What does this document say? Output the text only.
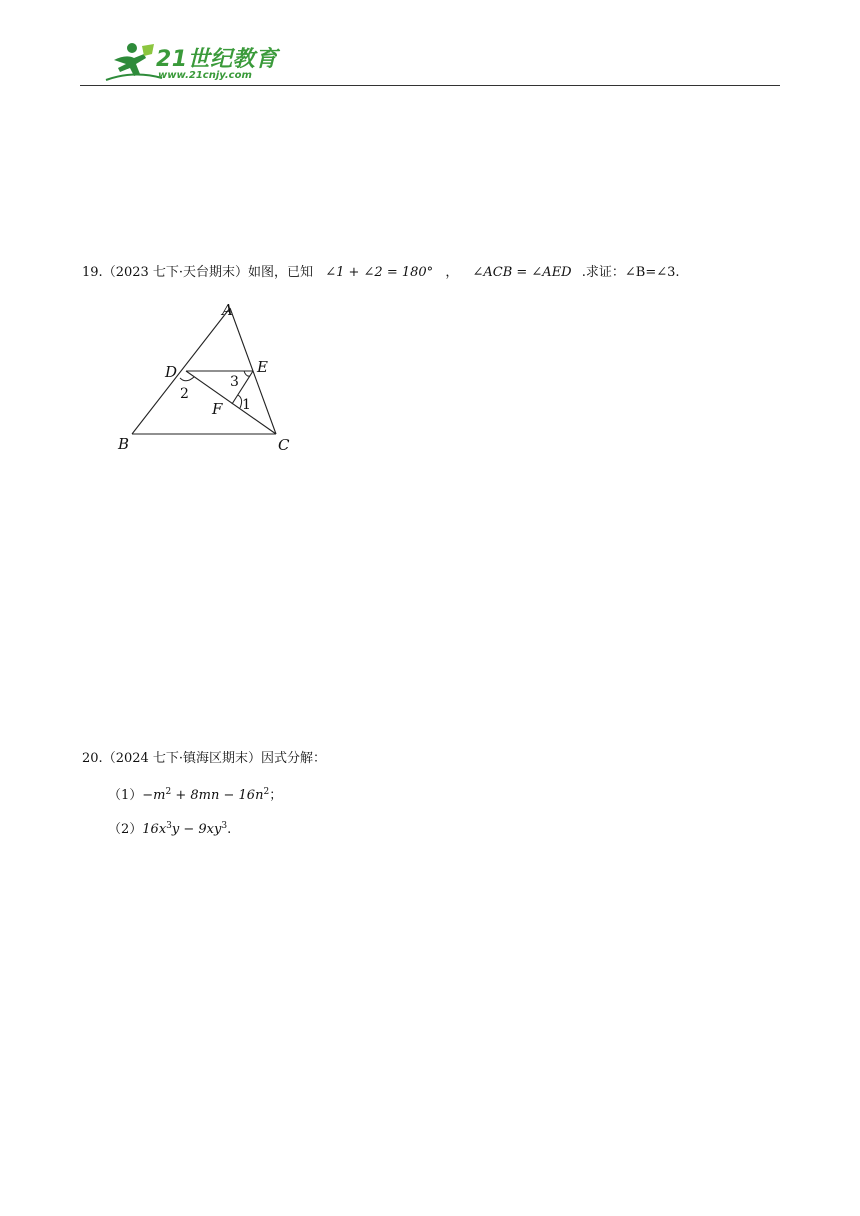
21世纪教育
www.21cnjy.com
19.（2023 七下·天台期末）如图，已知 ∠1 + ∠2 = 180° ， ∠ACB = ∠AED .求证：∠B=∠3.
A
B	C
D	E
F
2
3
1
20.（2024 七下·镇海区期末）因式分解：
$(1)-m^2 + 8mn - 16n^2$；
$(2)16x^3y - 9xy^3$.
